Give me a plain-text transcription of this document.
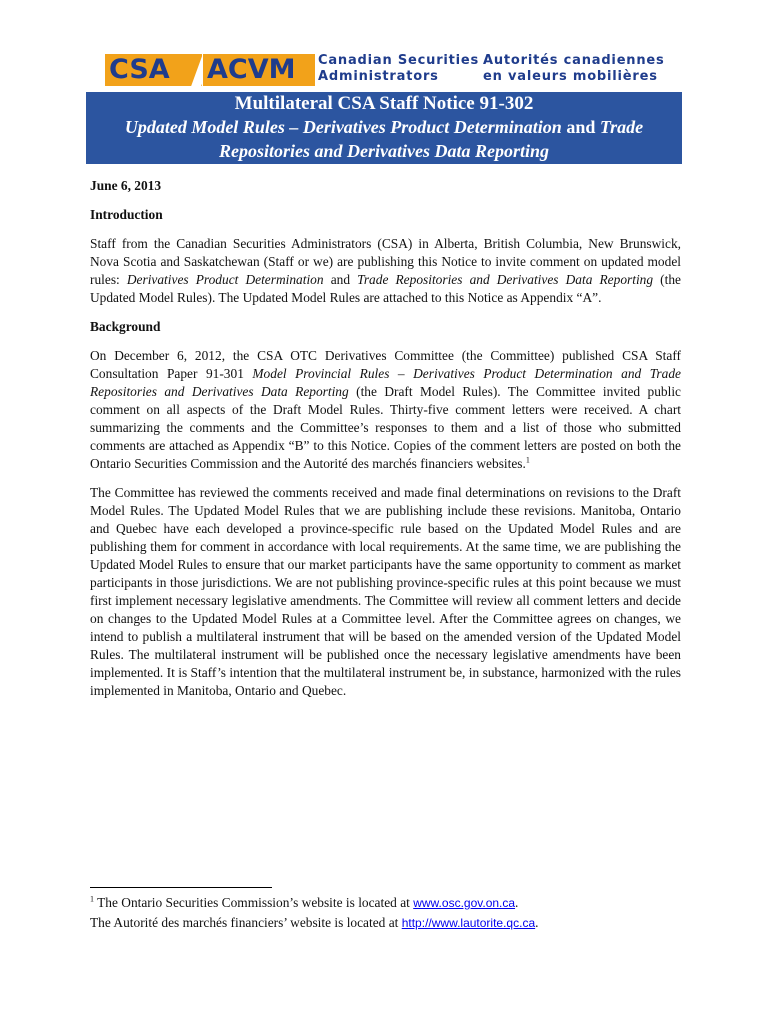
CSA	ACVM	Canadian Securities
Administrators
Autorités canadiennes
en valeurs mobilières
Multilateral CSA Staff Notice 91-302
Updated Model Rules – Derivatives Product Determination and Trade Repositories and Derivatives Data Reporting
June 6, 2013
Introduction

Staff from the Canadian Securities Administrators (CSA) in Alberta, British Columbia, New Brunswick, Nova Scotia and Saskatchewan (Staff or we) are publishing this Notice to invite comment on updated model rules: Derivatives Product Determination and Trade Repositories and Derivatives Data Reporting (the Updated Model Rules). The Updated Model Rules are attached to this Notice as Appendix “A”.

Background

On December 6, 2012, the CSA OTC Derivatives Committee (the Committee) published CSA Staff Consultation Paper 91-301 Model Provincial Rules – Derivatives Product Determination and Trade Repositories and Derivatives Data Reporting (the Draft Model Rules). The Committee invited public comment on all aspects of the Draft Model Rules. Thirty-five comment letters were received. A chart summarizing the comments and the Committee’s responses to them and a list of those who submitted comments are attached as Appendix “B” to this Notice. Copies of the comment letters are posted on both the Ontario Securities Commission and the Autorité des marchés financiers websites.$^1$

The Committee has reviewed the comments received and made final determinations on revisions to the Draft Model Rules. The Updated Model Rules that we are publishing include these revisions. Manitoba, Ontario and Quebec have each developed a province-specific rule based on the Updated Model Rules and are publishing them for comment in accordance with local requirements. At the same time, we are publishing the Updated Model Rules to ensure that our market participants have the same opportunity to comment as market participants in those jurisdictions. We are not publishing province-specific rules at this point because we must first implement necessary legislative amendments. The Committee will review all comment letters and decide on changes to the Updated Model Rules at a Committee level. After the Committee agrees on changes, we intend to publish a multilateral instrument that will be based on the amended version of the Updated Model Rules. The multilateral instrument will be published once the necessary legislative amendments have been implemented. It is Staff’s intention that the multilateral instrument be, in substance, harmonized with the rules implemented in Manitoba, Ontario and Quebec.

$^1$ The Ontario Securities Commission’s website is located at www.osc.gov.on.ca.
The Autorité des marchés financiers’ website is located at http://www.lautorite.qc.ca.
